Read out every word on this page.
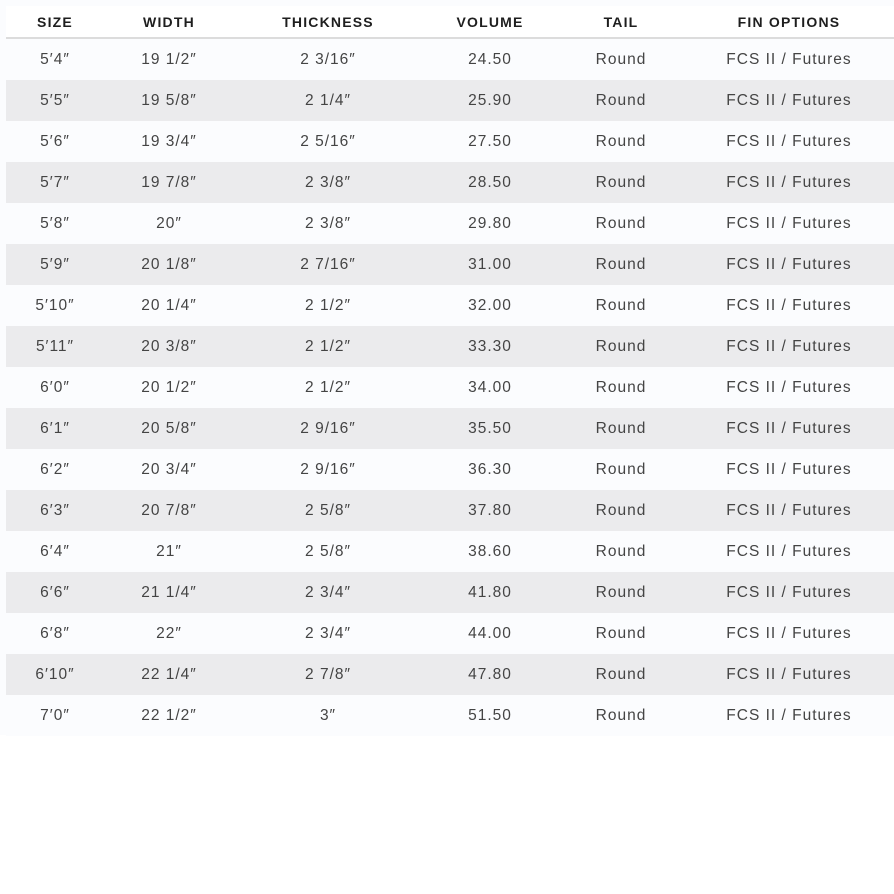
SIZE	WIDTH	THICKNESS	VOLUME	TAIL	FIN OPTIONS
5′4″	19 1/2″	2 3/16″	24.50	Round	FCS II / Futures
5′5″	19 5/8″	2 1/4″	25.90	Round	FCS II / Futures
5′6″	19 3/4″	2 5/16″	27.50	Round	FCS II / Futures
5′7″	19 7/8″	2 3/8″	28.50	Round	FCS II / Futures
5′8″	20″	2 3/8″	29.80	Round	FCS II / Futures
5′9″	20 1/8″	2 7/16″	31.00	Round	FCS II / Futures
5′10″	20 1/4″	2 1/2″	32.00	Round	FCS II / Futures
5′11″	20 3/8″	2 1/2″	33.30	Round	FCS II / Futures
6′0″	20 1/2″	2 1/2″	34.00	Round	FCS II / Futures
6′1″	20 5/8″	2 9/16″	35.50	Round	FCS II / Futures
6′2″	20 3/4″	2 9/16″	36.30	Round	FCS II / Futures
6′3″	20 7/8″	2 5/8″	37.80	Round	FCS II / Futures
6′4″	21″	2 5/8″	38.60	Round	FCS II / Futures
6′6″	21 1/4″	2 3/4″	41.80	Round	FCS II / Futures
6′8″	22″	2 3/4″	44.00	Round	FCS II / Futures
6′10″	22 1/4″	2 7/8″	47.80	Round	FCS II / Futures
7′0″	22 1/2″	3″	51.50	Round	FCS II / Futures
